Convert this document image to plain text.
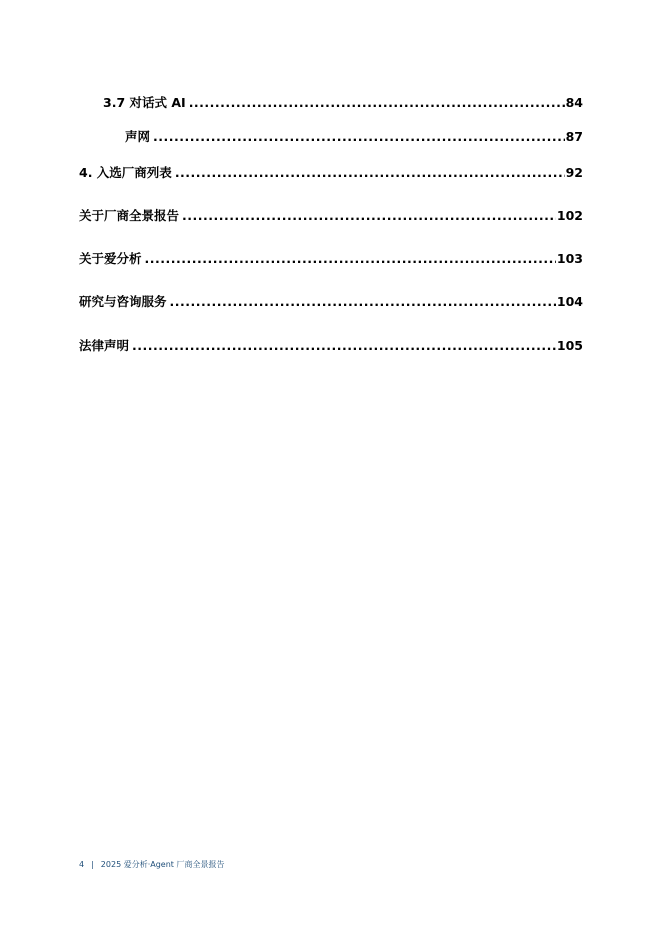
3.7 对话式 AI .....	84
声网 .....	87
4. 入选厂商列表 .....	92
关于厂商全景报告 .....	102
关于爱分析 .....	103
研究与咨询服务 .....	104
法律声明 .....	105
4 | 2025 爱分析·Agent 厂商全景报告
